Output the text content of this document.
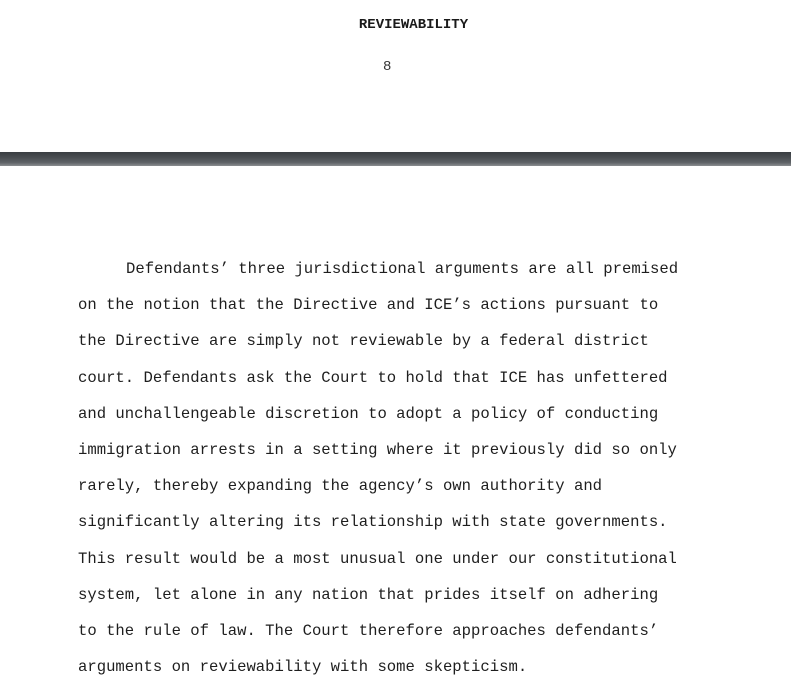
REVIEWABILITY
8
Defendants’ three jurisdictional arguments are all premised
on the notion that the Directive and ICE’s actions pursuant to
the Directive are simply not reviewable by a federal district
court. Defendants ask the Court to hold that ICE has unfettered
and unchallengeable discretion to adopt a policy of conducting
immigration arrests in a setting where it previously did so only
rarely, thereby expanding the agency’s own authority and
significantly altering its relationship with state governments.
This result would be a most unusual one under our constitutional
system, let alone in any nation that prides itself on adhering
to the rule of law. The Court therefore approaches defendants’
arguments on reviewability with some skepticism.
